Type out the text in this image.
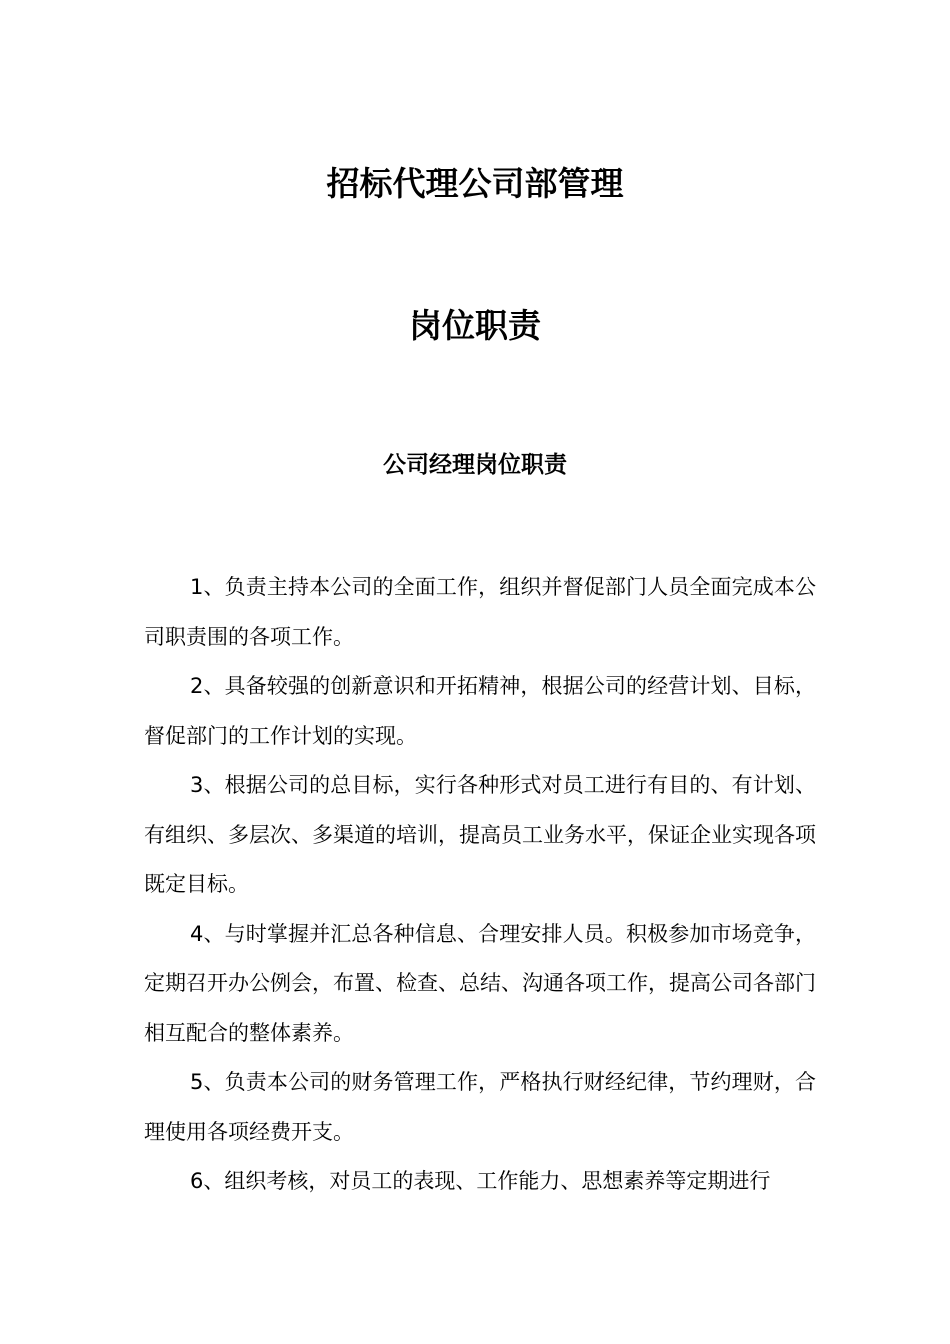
招标代理公司部管理
岗位职责
公司经理岗位职责

1、负责主持本公司的全面工作，组织并督促部门人员全面完成本公司职责围的各项工作。

2、具备较强的创新意识和开拓精神，根据公司的经营计划、目标，督促部门的工作计划的实现。

3、根据公司的总目标，实行各种形式对员工进行有目的、有计划、有组织、多层次、多渠道的培训，提高员工业务水平，保证企业实现各项既定目标。

4、与时掌握并汇总各种信息、合理安排人员。积极参加市场竞争，定期召开办公例会，布置、检查、总结、沟通各项工作，提高公司各部门相互配合的整体素养。

5、负责本公司的财务管理工作，严格执行财经纪律，节约理财，合理使用各项经费开支。

6、组织考核，对员工的表现、工作能力、思想素养等定期进行
